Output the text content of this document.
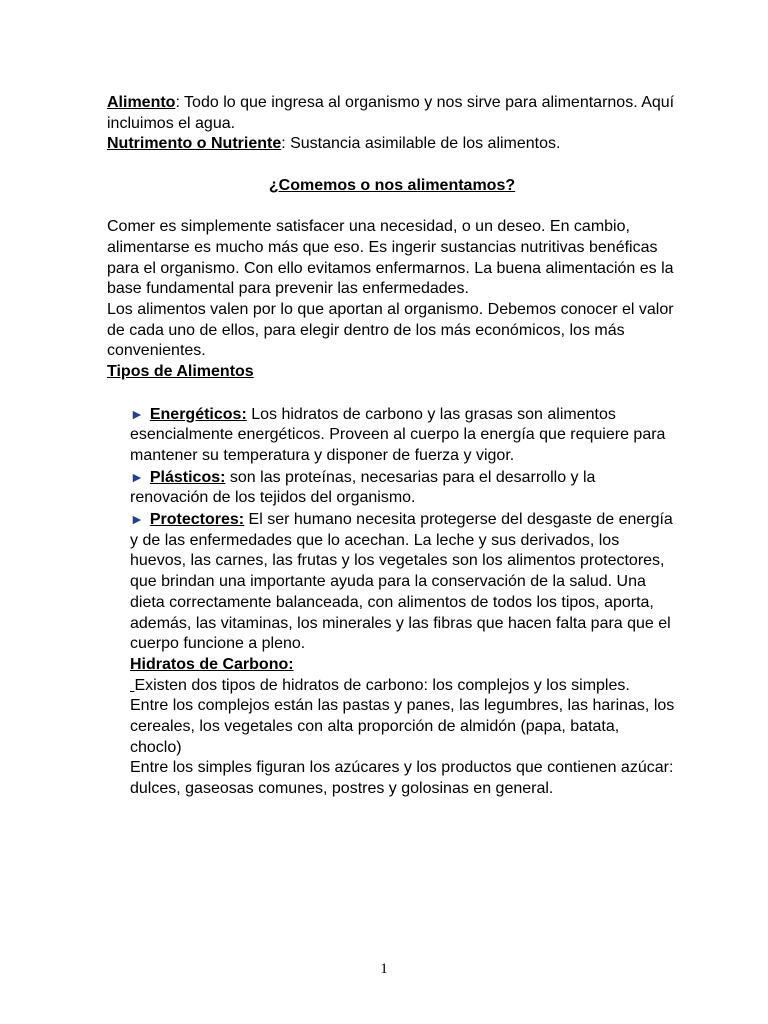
Alimento: Todo lo que ingresa al organismo y nos sirve para alimentarnos. Aquí incluimos el agua.

Nutrimento o Nutriente: Sustancia asimilable de los alimentos.

¿Comemos o nos alimentamos?

Comer es simplemente satisfacer una necesidad, o un deseo. En cambio, alimentarse es mucho más que eso. Es ingerir sustancias nutritivas benéficas para el organismo. Con ello evitamos enfermarnos. La buena alimentación es la base fundamental para prevenir las enfermedades.

Los alimentos valen por lo que aportan al organismo. Debemos conocer el valor de cada uno de ellos, para elegir dentro de los más económicos, los más convenientes.

Tipos de Alimentos

► Energéticos: Los hidratos de carbono y las grasas son alimentos esencialmente energéticos. Proveen al cuerpo la energía que requiere para mantener su temperatura y disponer de fuerza y vigor.

► Plásticos: son las proteínas, necesarias para el desarrollo y la renovación de los tejidos del organismo.

► Protectores: El ser humano necesita protegerse del desgaste de energía y de las enfermedades que lo acechan. La leche y sus derivados, los huevos, las carnes, las frutas y los vegetales son los alimentos protectores, que brindan una importante ayuda para la conservación de la salud. Una dieta correctamente balanceada, con alimentos de todos los tipos, aporta, además, las vitaminas, los minerales y las fibras que hacen falta para que el cuerpo funcione a pleno.

Hidratos de Carbono:

Existen dos tipos de hidratos de carbono: los complejos y los simples.

Entre los complejos están las pastas y panes, las legumbres, las harinas, los cereales, los vegetales con alta proporción de almidón (papa, batata, choclo)

Entre los simples figuran los azúcares y los productos que contienen azúcar: dulces, gaseosas comunes, postres y golosinas en general.

1
